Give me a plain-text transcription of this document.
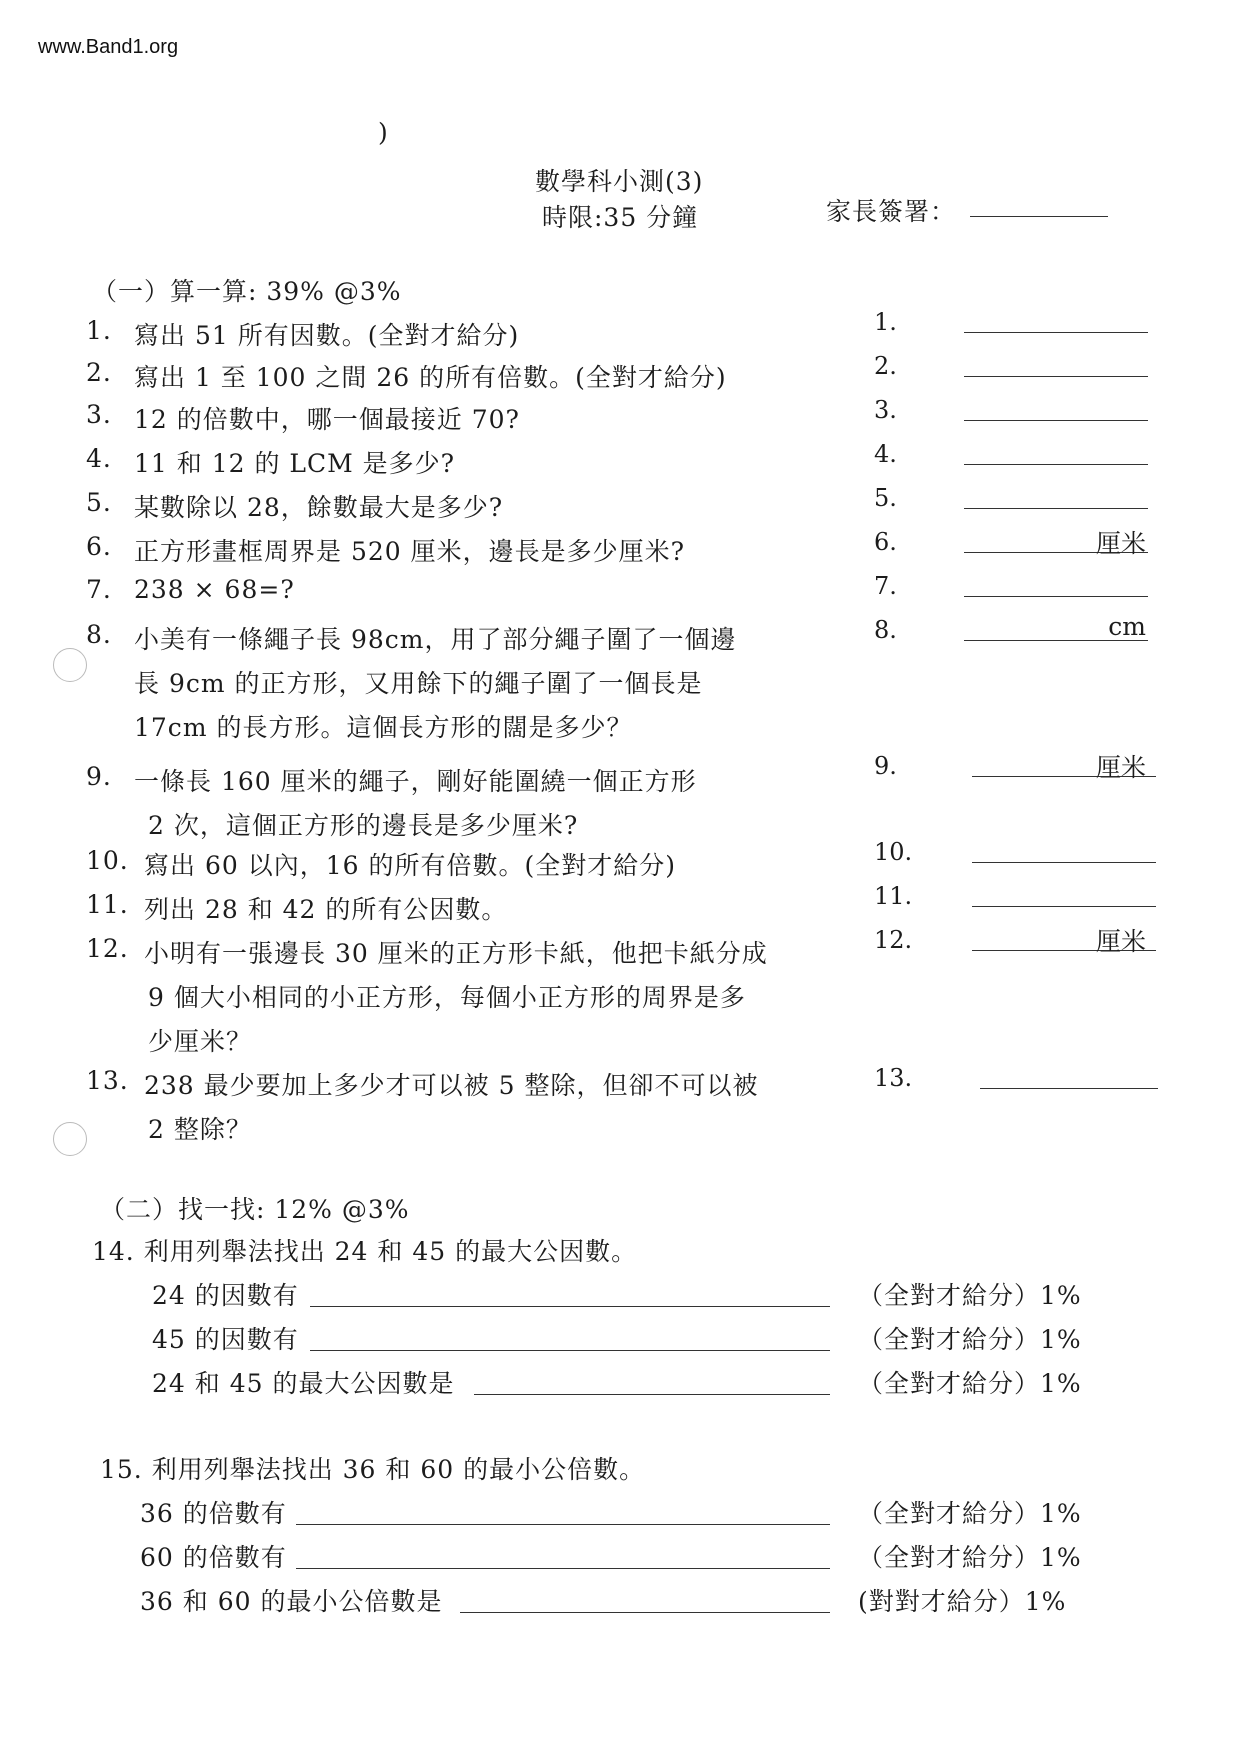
www.Band1.org
)
數學科小測(3)
時限:35 分鐘	家長簽署：
（一）算一算: 39% @3%
1. 寫出 51 所有因數。(全對才給分)	1.
2. 寫出 1 至 100 之間 26 的所有倍數。(全對才給分)	2.
3. 12 的倍數中，哪一個最接近 70?	3.
4. 11 和 12 的 LCM 是多少?	4.
5. 某數除以 28，餘數最大是多少?	5.
6. 正方形畫框周界是 520 厘米，邊長是多少厘米?	6.	厘米
7. 238 × 68=?	7.
8. 小美有一條繩子長 98cm，用了部分繩子圍了一個邊
長 9cm 的正方形，又用餘下的繩子圍了一個長是
17cm 的長方形。這個長方形的闊是多少？
8.	cm
9. 一條長 160 厘米的繩子，剛好能圍繞一個正方形
2 次，這個正方形的邊長是多少厘米?
9.	厘米
10. 寫出 60 以內，16 的所有倍數。(全對才給分)	10.
11. 列出 28 和 42 的所有公因數。	11.
12. 小明有一張邊長 30 厘米的正方形卡紙，他把卡紙分成
9 個大小相同的小正方形，每個小正方形的周界是多
少厘米？
12.	厘米
13. 238 最少要加上多少才可以被 5 整除，但卻不可以被
2 整除？
13.
（二）找一找: 12% @3%
14. 利用列舉法找出 24 和 45 的最大公因數。
24 的因數有	（全對才給分）1%
45 的因數有	（全對才給分）1%
24 和 45 的最大公因數是	（全對才給分）1%
15. 利用列舉法找出 36 和 60 的最小公倍數。
36 的倍數有	（全對才給分）1%
60 的倍數有	（全對才給分）1%
36 和 60 的最小公倍數是	(對對才給分）1%
